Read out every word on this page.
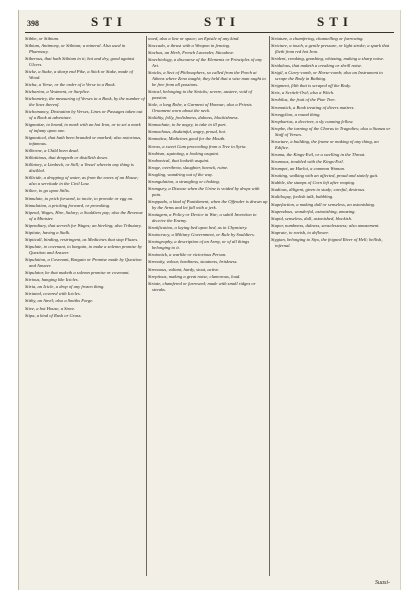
398	STI	STI	STI

Stibbe, or Stibium.

Stibium, Antimony, or Stibium; a mineral. Also used in Pharmacy.

Stiberous, that hath Stibium in it; hot and dry, good against Ulcers.

Sticke, a Stake, a sharp end Pike, a Stick or Stake, made of Wood.

Sticha, a Verse, or the order of a Verse in a Book.

Sticharion, a Vestment, or Surplice.

Stichometry, the measuring of Verses in a Book, by the number of the lines thereof.

Stichomancy, Divination by Verses, Lines or Passages taken out of a Book at adventure.

Stigmatize, to brand, to mark with an hot Iron, or to set a mark of infamy upon one.

Stigmatical, that hath been branded or marked; also notorious, infamous.

Stilborne, a Child born dead.

Stillatitious, that droppeth or distilleth down.

Stillatory, a Limbeck, or Still; a Vessel wherein any thing is distilled.

Stillicide, a dropping of water, as from the eaves of an House; also a servitude in the Civil Law.

Stiltee, to go upon Stilts.

Stimulate, to prick forward, to incite, to provoke or egg on.

Stimulation, a pricking forward, or provoking.

Stipend, Wages, Hire, Salary; a Souldiers pay; also the Revenue of a Minister.

Stipendiary, that serveth for Wages; an hireling; also Tributary.

Stipitate, having a Stalk.

Stipticall, binding, restringent, as Medicines that stop Fluxes.

Stipulate, to covenant, to bargain, to make a solemn promise by Question and Answer.

Stipulation, a Covenant, Bargain or Promise made by Question and Answer.

Stipulator, he that maketh a solemn promise or covenant.

Stirious, hanging like Icicles.

Stiria, an Icicle, a drop of any frozen thing.

Stiriated, covered with Icicles.

Stithy, an Anvil; also a Smiths Forge.

Stive, a hot House, a Stove.

Stipa, a kind of Rush or Grass.

word, also a line or space; an Epistle of any kind.

Stoccado, a thrust with a Weapon in fencing.

Stochas, an Herb, French Lavender, Sticadove.

Stoechiology, a discourse of the Elements or Principles of any Art.

Stoicks, a Sect of Philosophers, so called from the Porch at Athens where Zeno taught; they held that a wise man ought to be free from all passions.

Stoical, belonging to the Stoicks; severe, austere, void of passion.

Stole, a long Robe, a Garment of Honour; also a Priests Ornament worn about the neck.

Stolidity, folly, foolishness, dulness, blockishness.

Stomachate, to be angry, to take in ill part.

Stomachous, disdainful, angry, proud, hot.

Stomatica, Medicines good for the Mouth.

Storax, a sweet Gum proceeding from a Tree in Syria.

Strabism, squinting, a looking asquint.

Strabonical, that looketh asquint.

Strage, overthrow, slaughter, havock, ruine.

Stragling, wandring out of the way.

Strangulation, a strangling or choking.

Strangury, a Disease when the Urine is voided by drops with pain.

Strappado, a kind of Punishment, when the Offender is drawn up by the Arms and let fall with a jerk.

Stratagem, a Policy or Device in War; a subtil Invention to deceive the Enemy.

Stratification, a laying bed upon bed, as in Chymistry.

Stratocracy, a Military Government, or Rule by Souldiers.

Stratography, a description of an Army, or of all things belonging to it.

Stratonick, a warlike or victorious Person.

Strenuity, valour, hardiness, stoutness, briskness.

Strenuous, valiant, hardy, stout, active.

Strepitous, making a great noise, clamorous, loud.

Striate, chamfered or furrowed; made with small ridges or streaks.

Striature, a chamfering, channelling or furrowing.

Stricture, a touch, a gentle pressure, or light stroke; a spark that flieth from red hot Iron.

Strident, creaking, gnashing, whizzing, making a sharp noise.

Stridulous, that maketh a creaking or shrill noise.

Strigil, a Curry-comb, or Horse-comb; also an Instrument to scrape the Body in Bathing.

Strigment, filth that is scraped off the Body.

Strix, a Scritch-Owl; also a Witch.

Strobilus, the fruit of the Pine Tree.

Stromatick, a Book treating of divers matters.

Strongylion, a round thing.

Stropharius, a deceiver, a sly cunning fellow.

Strophe, the turning of the Chorus in Tragedies; also a Stanza or Staff of Verses.

Structure, a building, the frame or making of any thing, an Edifice.

Struma, the Kings-Evil, or a swelling in the Throat.

Strumous, troubled with the Kings-Evil.

Strumpet, an Harlot, a common Woman.

Strutting, walking with an affected, proud and stately gait.

Stubble, the stumps of Corn left after reaping.

Studious, diligent, given to study; careful, desirous.

Stultiloquy, foolish talk, babbling.

Stupefaction, a making dull or senseless, an astonishing.

Stupendous, wonderful, astonishing, amazing.

Stupid, senseless, dull, astonished, blockish.

Stupor, numbness, dulness, senselessness; also amazement.

Stuprate, to ravish, to deflower.

Stygian, belonging to Styx, the feigned River of Hell; hellish, infernal.

Suasi-
